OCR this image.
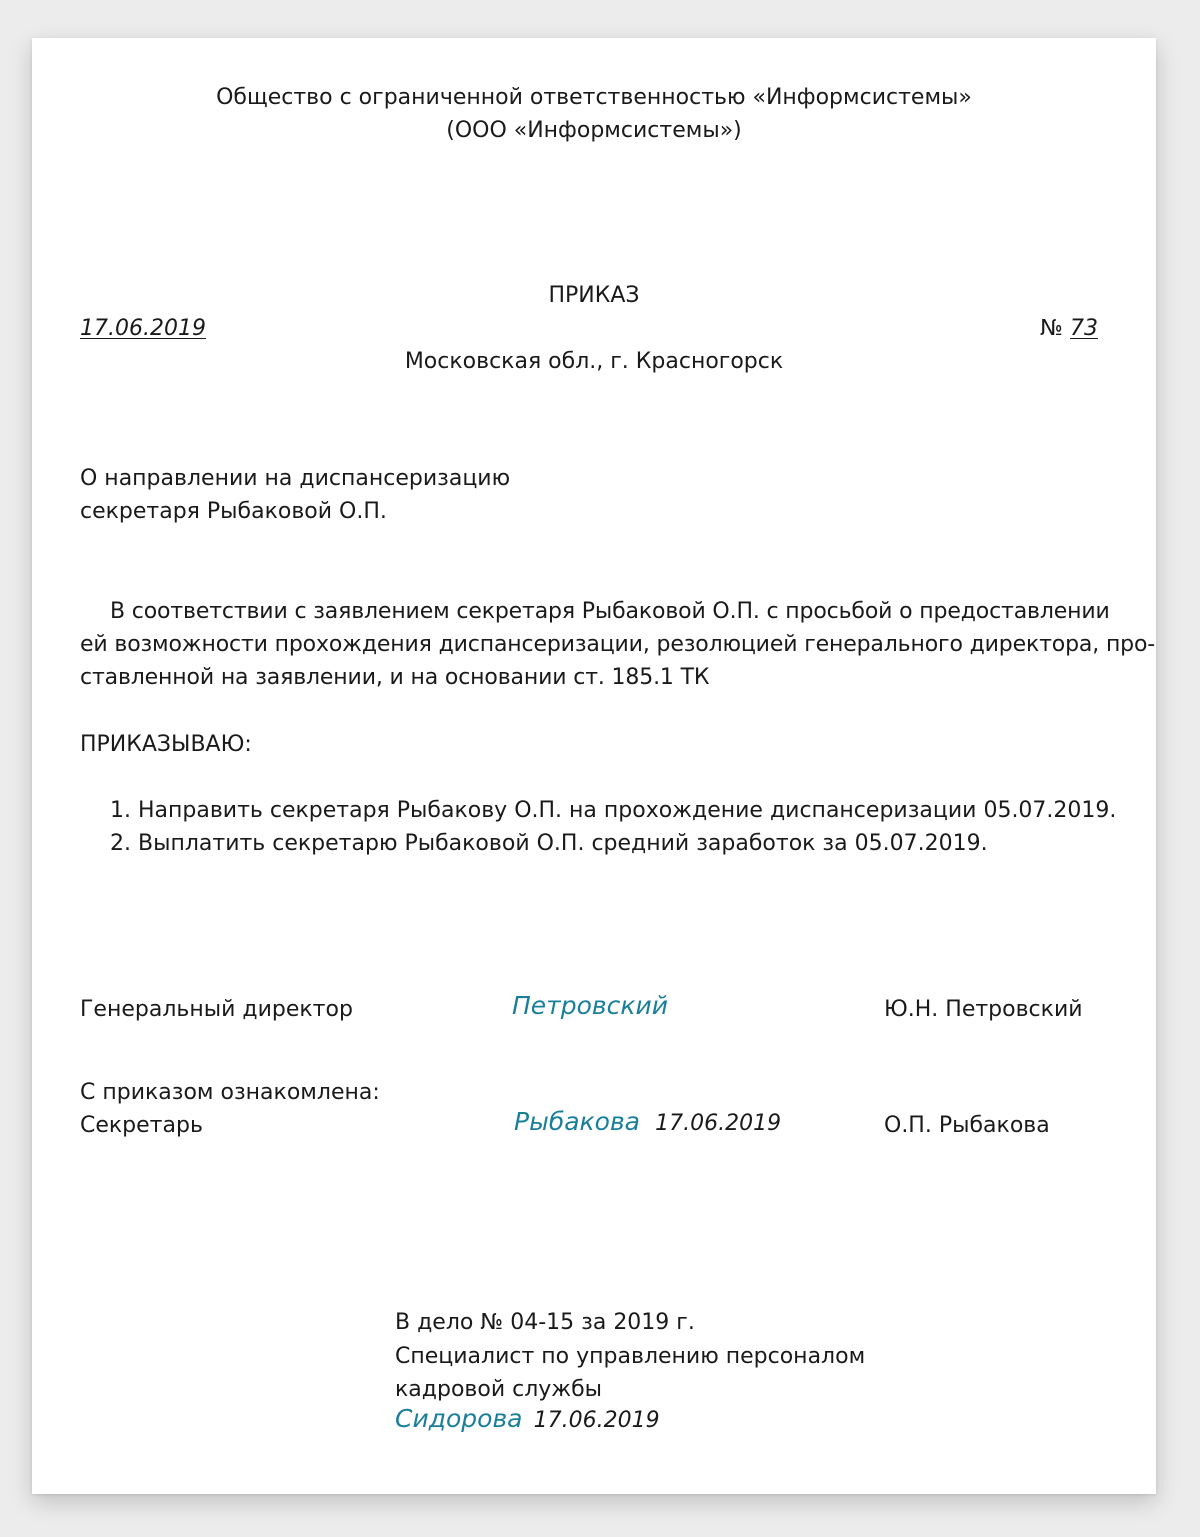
Общество с ограниченной ответственностью «Информсистемы»
(ООО «Информсистемы»)
ПРИКАЗ
17.06.2019	№ 73
Московская обл., г. Красногорск
О направлении на диспансеризацию
секретаря Рыбаковой О.П.
В соответствии с заявлением секретаря Рыбаковой О.П. с просьбой о предоставлении
ей возможности прохождения диспансеризации, резолюцией генерального директора, про-
ставленной на заявлении, и на основании ст. 185.1 ТК
ПРИКАЗЫВАЮ:
1. Направить секретаря Рыбакову О.П. на прохождение диспансеризации 05.07.2019.
2. Выплатить секретарю Рыбаковой О.П. средний заработок за 05.07.2019.
Генеральный директор	Петровский	Ю.Н. Петровский
С приказом ознакомлена:
Секретарь	Рыбакова 17.06.2019	О.П. Рыбакова
В дело № 04-15 за 2019 г.
Специалист по управлению персоналом
кадровой службы
Сидорова 17.06.2019
